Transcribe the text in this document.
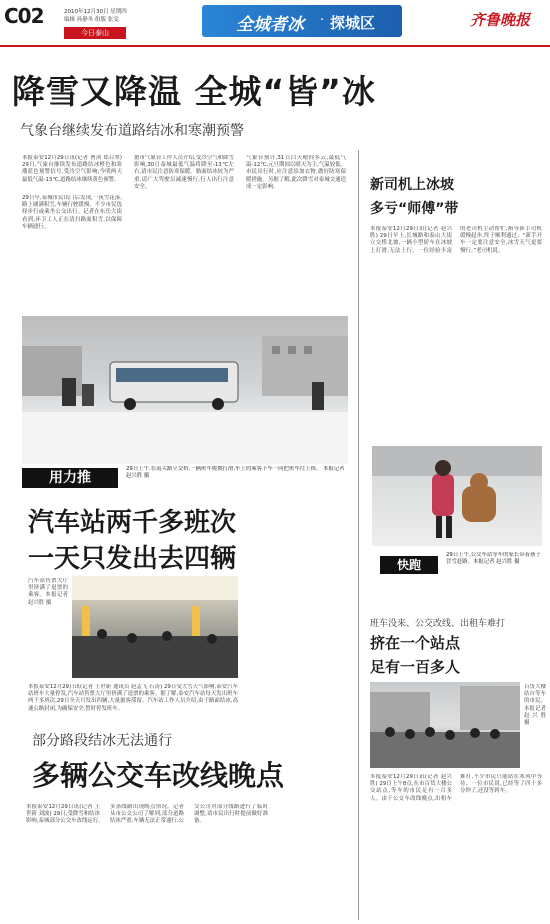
C02	2010年12月30日 星期四
编辑 孙静冬 组版 张雯
今日泰山	全城者冰 · 探城区	齐鲁晚报
降雪又降温 全城“皆”冰
气象台继续发布道路结冰和寒潮预警
本报泰安12月29日讯(记者 曹剑 郑召翠) 29日,气象台继续发布道路结冰橙色和寒潮蓝色预警信号,受冷空气影响,今明两天最低气温-13℃,道路结冰继续黄色预警。
29日早,泰城市民出门后发现,一夜雪花落,路上铺满积雪,车辆行驶缓慢。不少市民选择步行或乘坐公交出行。记者在东岳大街看到,环卫工人正在清扫路面积雪,以保障车辆通行。
据市气象台工作人员介绍,受冷空气和降雪影响,30日泰城最低气温将降至-13℃左右,请市民注意防寒保暖。路面结冰较为严重,请广大驾驶员减速慢行,行人出行注意安全。
气象台预计,31日白天晴间多云,最低气温-12℃,元旦期间以晴天为主,气温较低。市民出行时,应注意添加衣物,做好防寒保暖措施。另据了解,此次降雪对泰城交通造成一定影响。
用力推
29日上午,在南关路立交桥,一辆班车爬坡打滑,车上的乘客下车一同把班车往上推。 本报记者 赵兴胜 摄
汽车站两千多班次
一天只发出去四辆
汽车站售票大厅里挤满了退票的乘客。本报记者 赵兴胜 摄
本报泰安12月29日讯(记者 王世新 通讯员 赵孟飞 石涛) 29日受大雪天气影响,泰安汽车站班车大量停发,汽车站售票大厅里挤满了退票的乘客。据了解,泰安汽车站每天发出班车两千多班次,29日全天只发出四辆,大量旅客滞留。汽车站工作人员介绍,由于路面结冰,高速公路封闭,为确保安全,暂时停发班车。
部分路段结冰无法通行
多辆公交车改线晚点
本报泰安12月29日讯(记者 王世新 刘波) 29日,受降雪和结冰影响,泰城部分公交车改线运行,多条线路出现晚点情况。记者从市公交公司了解到,部分道路结冰严重,车辆无法正常通行,公交公司对部分线路进行了临时调整,请市民出行时提前做好准备。
新司机上冰坡
多亏“师傅”带
本报泰安12月29日讯(记者 赵兴胜) 29日早上,长城路和泰山大街立交桥北坡,一辆小型轿车在冰坡上打滑,无法上行。一位经验丰富的老司机主动帮忙,指导新手司机缓慢起步,终于顺利通过。“新手开车一定要注意安全,冰雪天气更要慢行。”老司机说。
快跑
29日上午,公交车站等车的家长带着孩子冒雪赶路。本报记者 赵兴胜 摄
班车没来、公交改线、出租车难打
挤在一个站点
足有一百多人
百货大楼站台等车的市民。本报记者 赵兴胜 摄
本报泰安12月29日讯(记者 赵兴胜) 29日上午8点,在市百货大楼公交站点,等车的市民足有一百多人。由于公交车改线晚点,出租车难打,不少市民只能站在寒风中等待。一位市民说,已经等了四十多分钟了,还没等到车。
